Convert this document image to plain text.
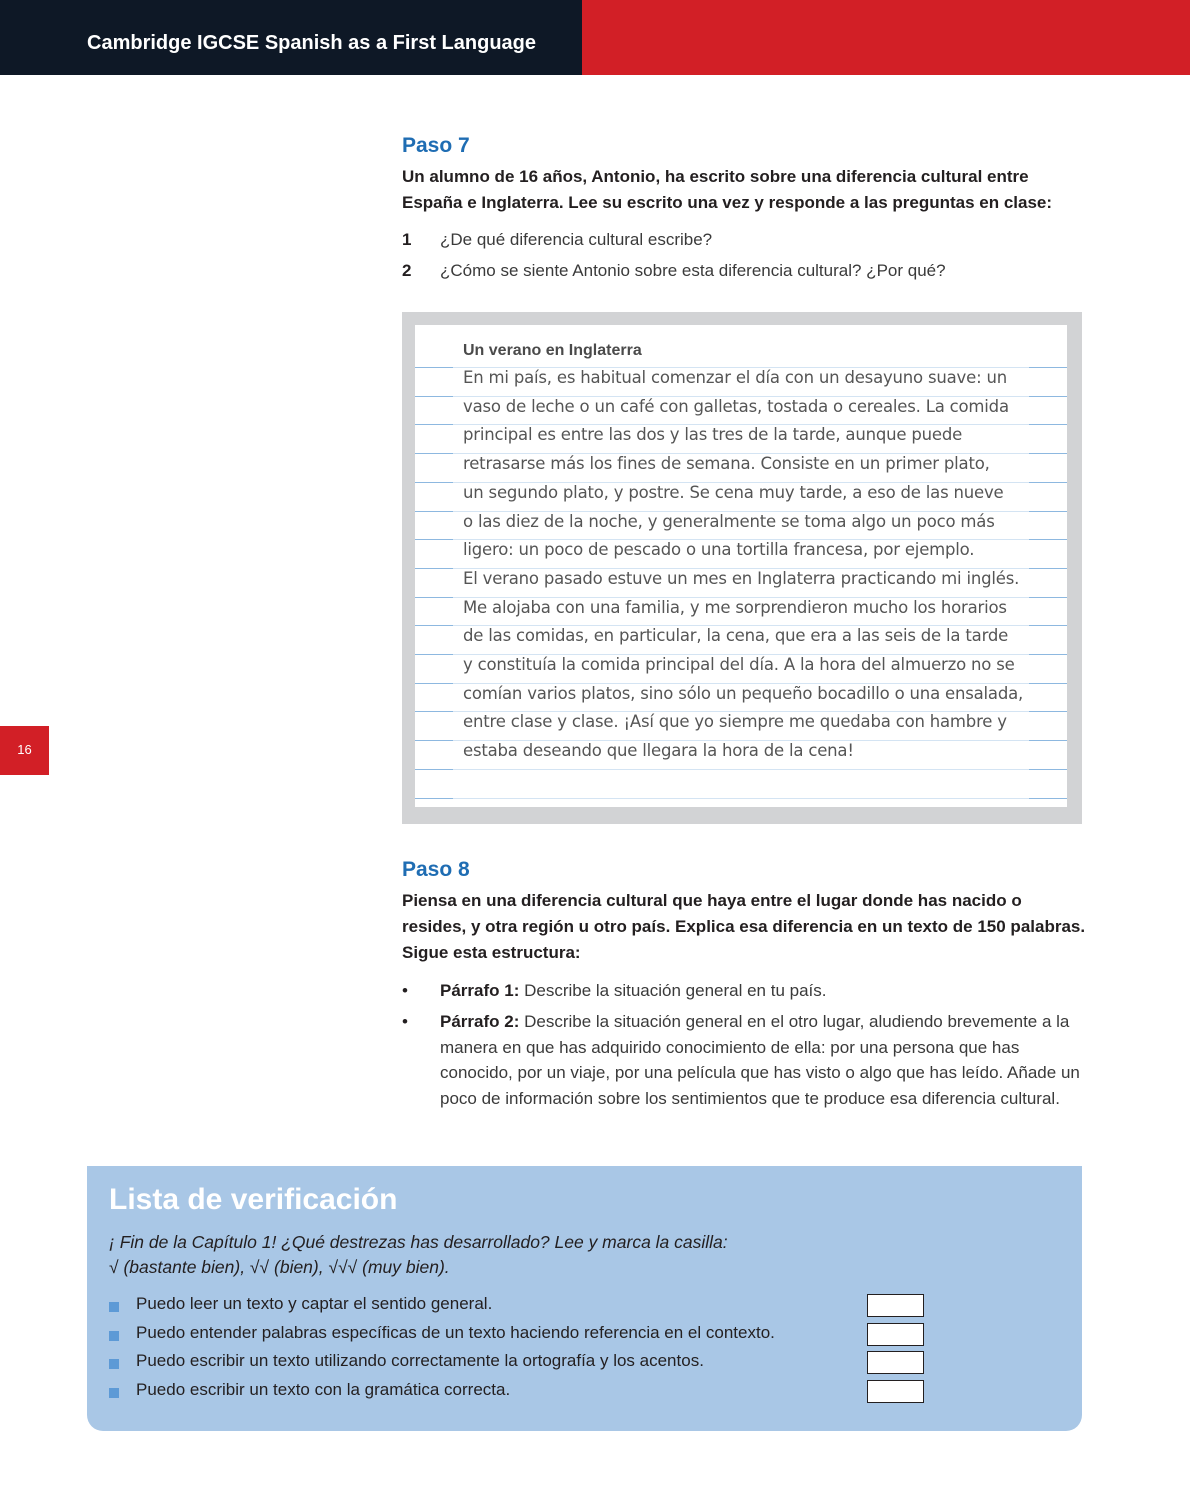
Cambridge IGCSE Spanish as a First Language
16
Paso 7

Un alumno de 16 años, Antonio, ha escrito sobre una diferencia cultural entre España e Inglaterra. Lee su escrito una vez y responde a las preguntas en clase:

1 ¿De qué diferencia cultural escribe?
2 ¿Cómo se siente Antonio sobre esta diferencia cultural? ¿Por qué?
Un verano en Inglaterra
En mi país, es habitual comenzar el día con un desayuno suave: un
vaso de leche o un café con galletas, tostada o cereales. La comida
principal es entre las dos y las tres de la tarde, aunque puede
retrasarse más los fines de semana. Consiste en un primer plato,
un segundo plato, y postre. Se cena muy tarde, a eso de las nueve
o las diez de la noche, y generalmente se toma algo un poco más
ligero: un poco de pescado o una tortilla francesa, por ejemplo.
El verano pasado estuve un mes en Inglaterra practicando mi inglés.
Me alojaba con una familia, y me sorprendieron mucho los horarios
de las comidas, en particular, la cena, que era a las seis de la tarde
y constituía la comida principal del día. A la hora del almuerzo no se
comían varios platos, sino sólo un pequeño bocadillo o una ensalada,
entre clase y clase. ¡Así que yo siempre me quedaba con hambre y
estaba deseando que llegara la hora de la cena!
Paso 8

Piensa en una diferencia cultural que haya entre el lugar donde has nacido o resides, y otra región u otro país. Explica esa diferencia en un texto de 150 palabras. Sigue esta estructura:

• Párrafo 1: Describe la situación general en tu país.
• Párrafo 2: Describe la situación general en el otro lugar, aludiendo brevemente a la manera en que has adquirido conocimiento de ella: por una persona que has conocido, por un viaje, por una película que has visto o algo que has leído. Añade un poco de información sobre los sentimientos que te produce esa diferencia cultural.
Lista de verificación
¡ Fin de la Capítulo 1! ¿Qué destrezas has desarrollado? Lee y marca la casilla:
√ (bastante bien), √√ (bien), √√√ (muy bien).
Puedo leer un texto y captar el sentido general.
Puedo entender palabras específicas de un texto haciendo referencia en el contexto.
Puedo escribir un texto utilizando correctamente la ortografía y los acentos.
Puedo escribir un texto con la gramática correcta.
